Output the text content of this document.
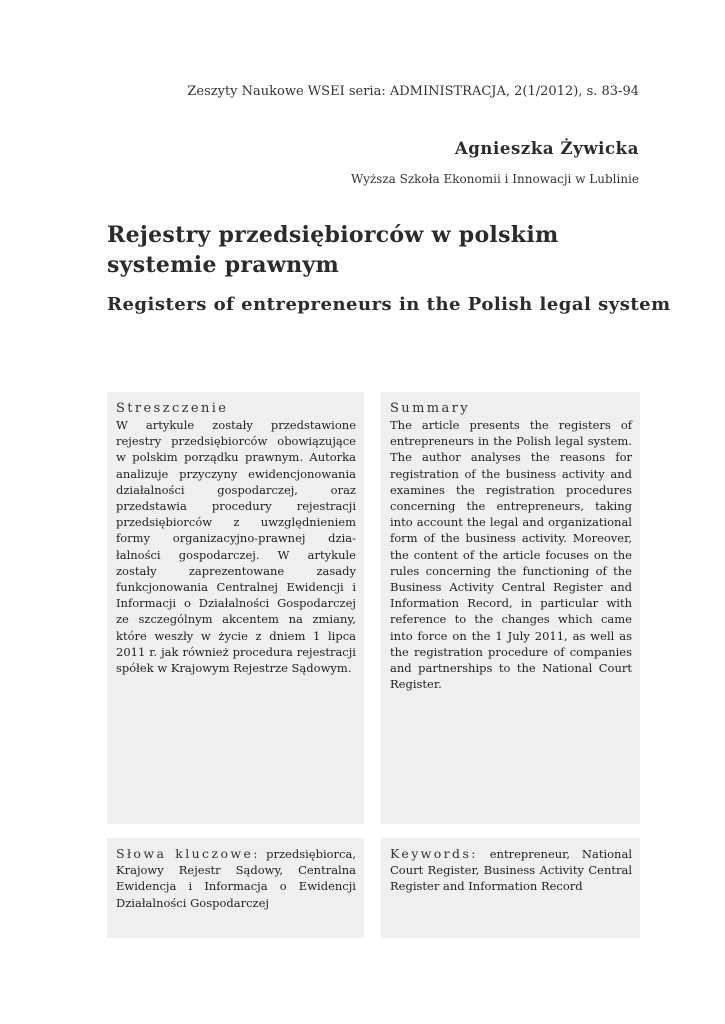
Zeszyty Naukowe WSEI seria: ADMINISTRACJA, 2(1/2012), s. 83-94
Agnieszka Żywicka
Wyższa Szkoła Ekonomii i Innowacji w Lublinie
Rejestry przedsiębiorców w polskim systemie prawnym
Registers of entrepreneurs in the Polish legal system
Streszczenie
W artykule zostały przedstawione rejestry przedsiębiorców obowiązujące w polskim porządku prawnym. Autorka analizuje przyczyny ewidencjonowania działalności gospodarczej, oraz przedstawia procedury rejestracji przedsiębiorców z uwzględnieniem formy organizacyjno-prawnej działalności gospodarczej. W artykule zostały zaprezentowane zasady funkcjonowania Centralnej Ewidencji i Informacji o Działalności Gospodarczej ze szczególnym akcentem na zmiany, które weszły w życie z dniem 1 lipca 2011 r. jak również procedura rejestracji spółek w Krajowym Rejestrze Sądowym.
Summary
The article presents the registers of entrepreneurs in the Polish legal system. The author analyses the reasons for registration of the business activity and examines the registration procedures concerning the entrepreneurs, taking into account the legal and organizational form of the business activity. Moreover, the content of the article focuses on the rules concerning the functioning of the Business Activity Central Register and Information Record, in particular with reference to the changes which came into force on the 1 July 2011, as well as the registration procedure of companies and partnerships to the National Court Register.
Słowa kluczowe: przedsiębiorca, Krajowy Rejestr Sądowy, Centralna Ewidencja i Informacja o Ewidencji Działalności Gospodarczej
Keywords: entrepreneur, National Court Register, Business Activity Central Register and Information Record
